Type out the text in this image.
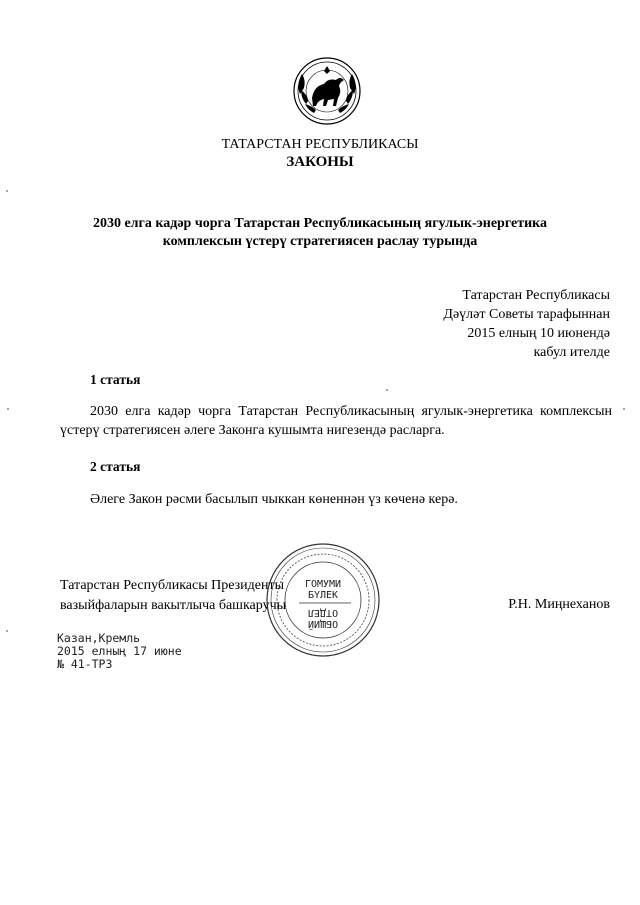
ТАТАРСТАН РЕСПУБЛИКАСЫ
ЗАКОНЫ
2030 елга кадәр чорга Татарстан Республикасының ягулык-энергетика
комплексын үстерү стратегиясен раслау турында
Татарстан Республикасы
Дәүләт Советы тарафыннан
2015 елның 10 июнендә
кабул ителде
1 статья
2030 елга кадәр чорга Татарстан Республикасының ягулык-энергетика комплексын үстерү стратегиясен әлеге Законга кушымта нигезендә расларга.
2 статья
Әлеге Закон рәсми басылып чыккан көненнән үз көченә керә.
ГОМУМИ
БҮЛЕК
ОТДЕЛ
ОБЩИЙ
Татарстан Республикасы Президенты
вазыйфаларын вакытлыча башкаручы	Р.Н. Миңнеханов
Казан,Кремль
2015 елның 17 июне
№ 41-ТРЗ
